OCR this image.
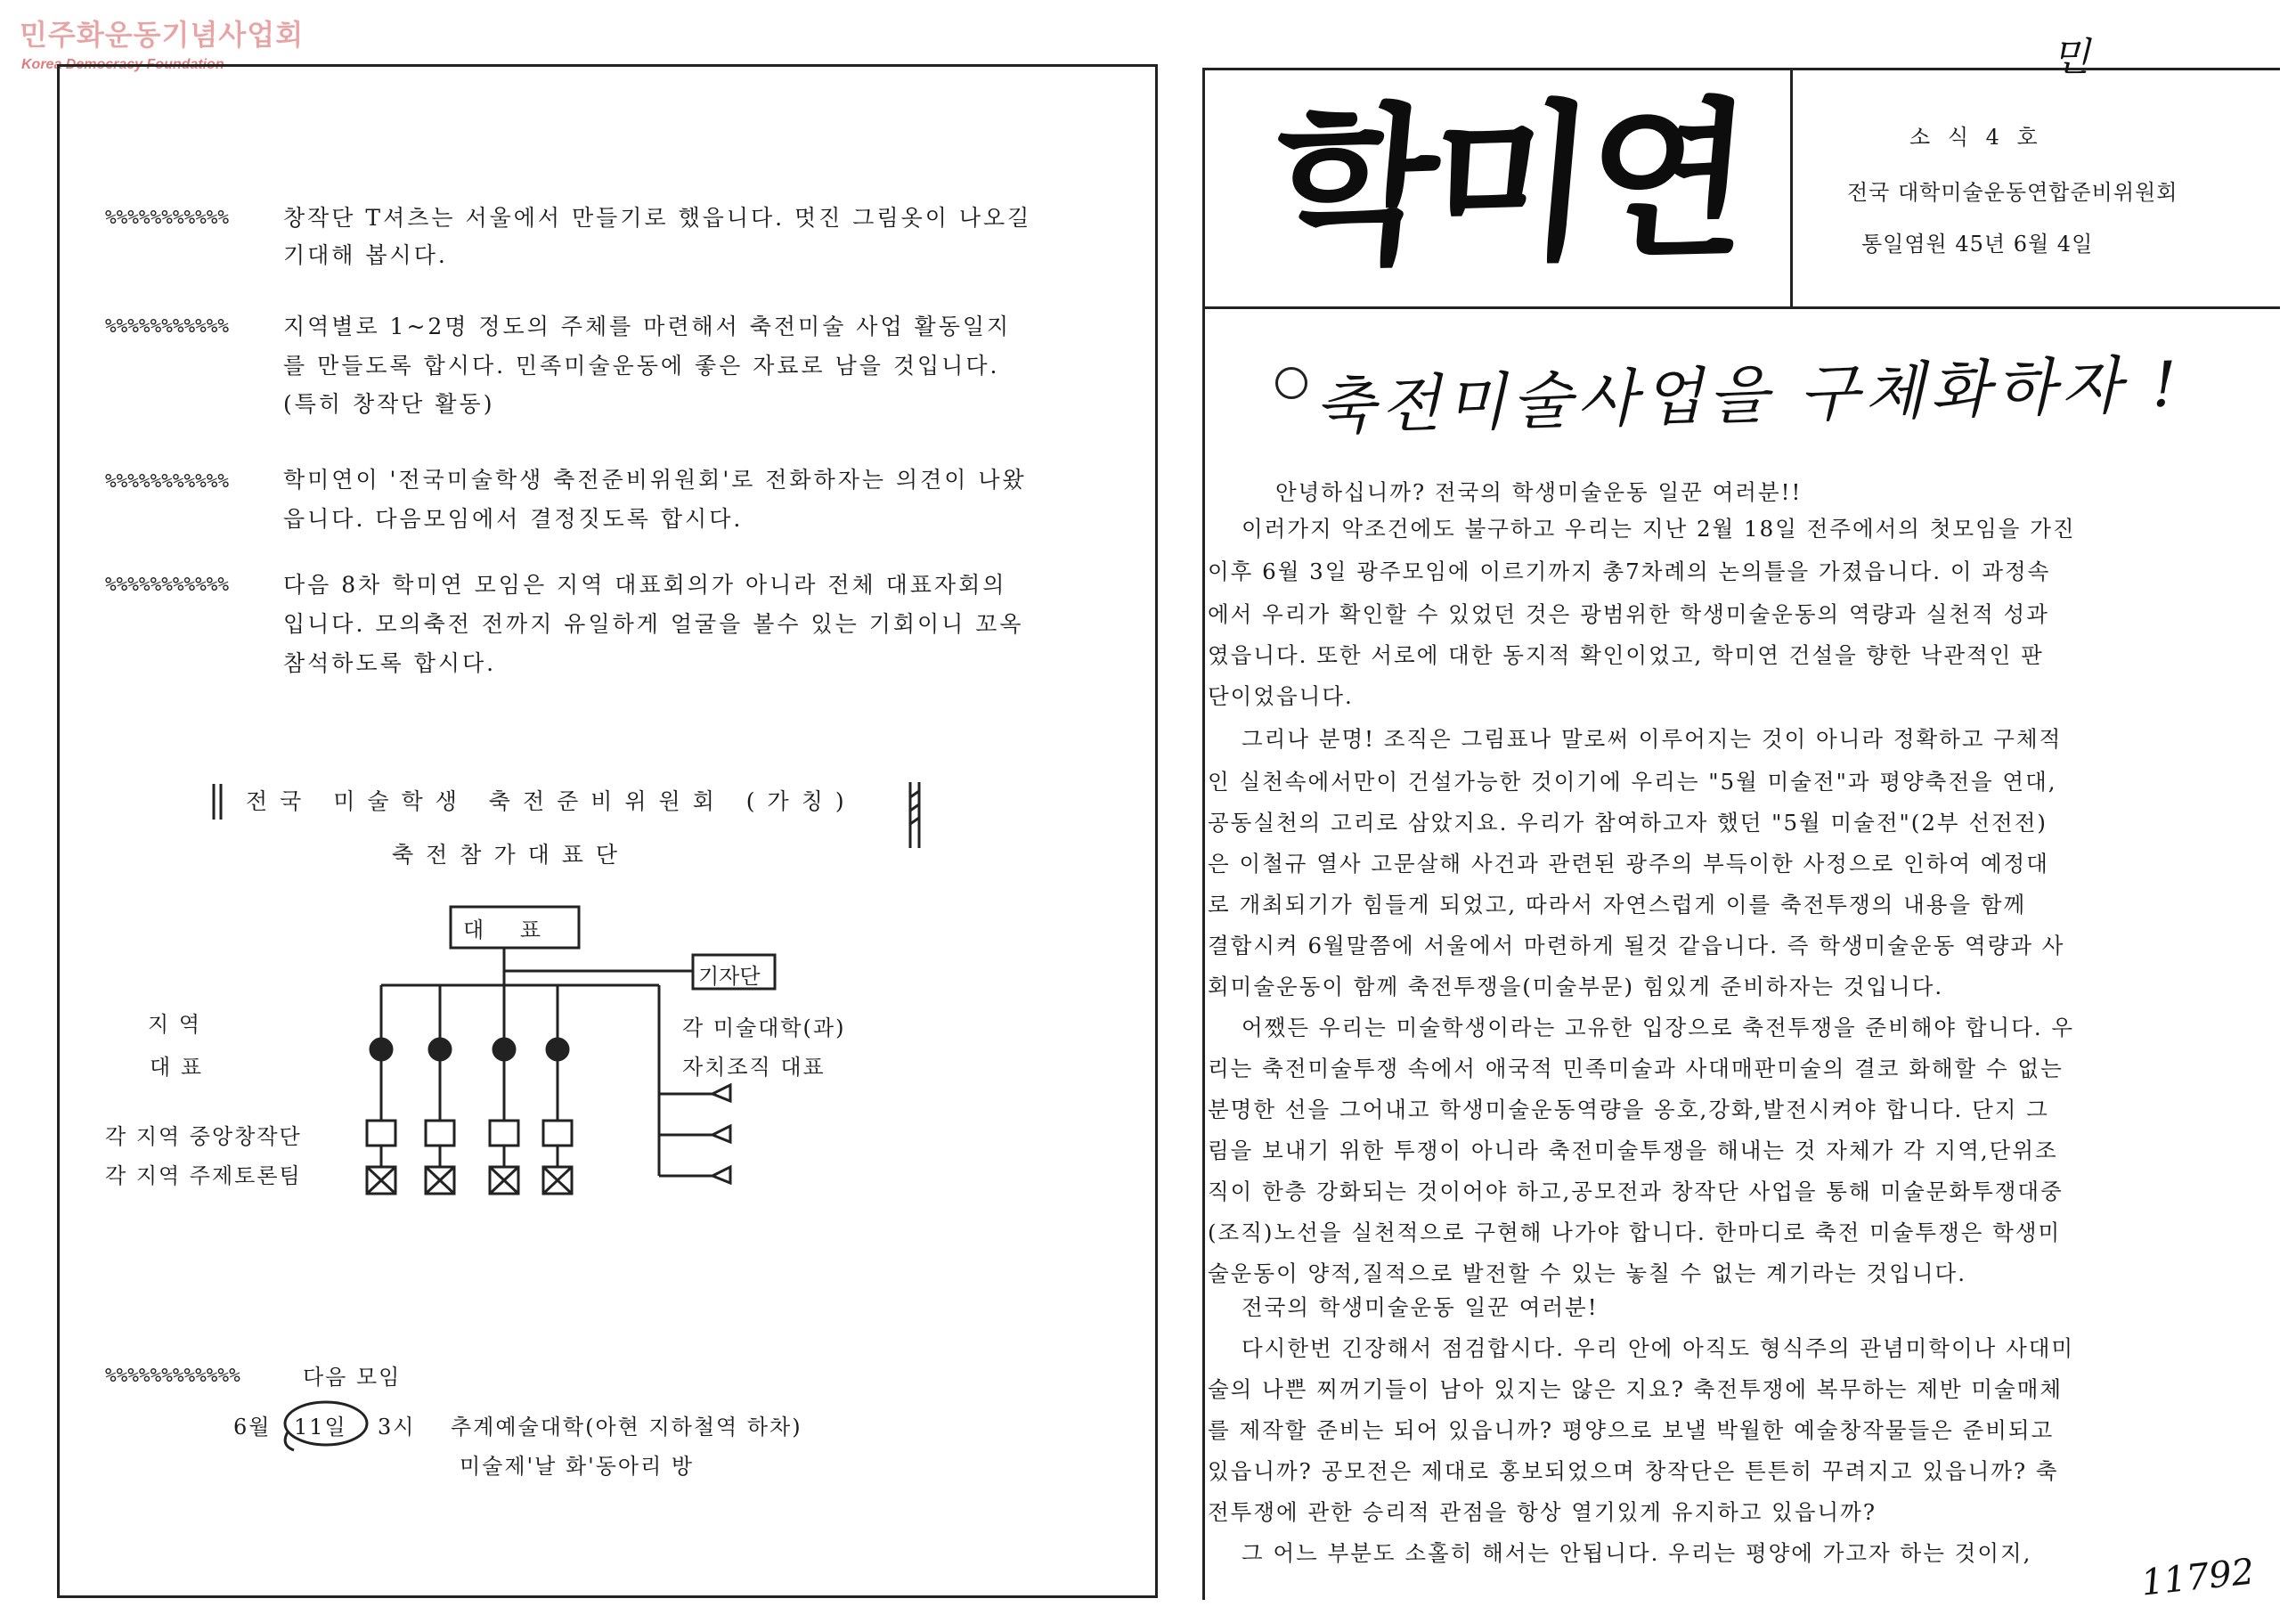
민주화운동기념사업회
Korea Democracy Foundation
%%%%%%%%%%% 창작단 T셔츠는 서울에서 만들기로 했읍니다. 멋진 그림옷이 나오길
기대해 봅시다.
%%%%%%%%%%% 지역별로 1~2명 정도의 주체를 마련해서 축전미술 사업 활동일지
를 만들도록 합시다. 민족미술운동에 좋은 자료로 남을 것입니다.
(특히 창작단 활동)
%%%%%%%%%%% 학미연이 '전국미술학생 축전준비위원회'로 전화하자는 의견이 나왔
읍니다. 다음모임에서 결정짓도록 합시다.
%%%%%%%%%%% 다음 8차 학미연 모임은 지역 대표회의가 아니라 전체 대표자회의
입니다. 모의축전 전까지 유일하게 얼굴을 볼수 있는 기회이니 꼬옥
참석하도록 합시다.
전국 미술학생 축전준비위원회 (가칭)
축전참가대표단
대    표
기자단
지 역
대 표
각 미술대학(과)
자치조직 대표
각 지역 중앙창작단
각 지역 주제토론팀
%%%%%%%%%%%%	다음 모임
6월 11일 3시 추계예술대학(아현 지하철역 하차)
미술제'날 화'동아리 방
민
학미연	소 식 4 호
전국 대학미술운동연합준비위원회
통일염원 45년 6월 4일
축전미술사업을 구체화하자 !
안녕하십니까? 전국의 학생미술운동 일꾼 여러분!!
이러가지 악조건에도 불구하고 우리는 지난 2월 18일 전주에서의 첫모임을 가진
이후 6월 3일 광주모임에 이르기까지 총7차례의 논의틀을 가졌읍니다. 이 과정속
에서 우리가 확인할 수 있었던 것은 광범위한 학생미술운동의 역량과 실천적 성과
였읍니다. 또한 서로에 대한 동지적 확인이었고, 학미연 건설을 향한 낙관적인 판
단이었읍니다.
그리나 분명! 조직은 그림표나 말로써 이루어지는 것이 아니라 정확하고 구체적
인 실천속에서만이 건설가능한 것이기에 우리는 "5월 미술전"과 평양축전을 연대,
공동실천의 고리로 삼았지요. 우리가 참여하고자 했던 "5월 미술전"(2부 선전전)
은 이철규 열사 고문살해 사건과 관련된 광주의 부득이한 사정으로 인하여 예정대
로 개최되기가 힘들게 되었고, 따라서 자연스럽게 이를 축전투쟁의 내용을 함께
결합시켜 6월말쯤에 서울에서 마련하게 될것 같읍니다. 즉 학생미술운동 역량과 사
회미술운동이 함께 축전투쟁을(미술부문) 힘있게 준비하자는 것입니다.
어쨌든 우리는 미술학생이라는 고유한 입장으로 축전투쟁을 준비해야 합니다. 우
리는 축전미술투쟁 속에서 애국적 민족미술과 사대매판미술의 결코 화해할 수 없는
분명한 선을 그어내고 학생미술운동역량을 옹호,강화,발전시켜야 합니다. 단지 그
림을 보내기 위한 투쟁이 아니라 축전미술투쟁을 해내는 것 자체가 각 지역,단위조
직이 한층 강화되는 것이어야 하고,공모전과 창작단 사업을 통해 미술문화투쟁대중
(조직)노선을 실천적으로 구현해 나가야 합니다. 한마디로 축전 미술투쟁은 학생미
술운동이 양적,질적으로 발전할 수 있는 놓칠 수 없는 계기라는 것입니다.
전국의 학생미술운동 일꾼 여러분!
다시한번 긴장해서 점검합시다. 우리 안에 아직도 형식주의 관념미학이나 사대미
술의 나쁜 찌꺼기들이 남아 있지는 않은 지요? 축전투쟁에 복무하는 제반 미술매체
를 제작할 준비는 되어 있읍니까? 평양으로 보낼 박월한 예술창작물들은 준비되고
있읍니까? 공모전은 제대로 홍보되었으며 창작단은 튼튼히 꾸려지고 있읍니까? 축
전투쟁에 관한 승리적 관점을 항상 열기있게 유지하고 있읍니까?
그 어느 부분도 소홀히 해서는 안됩니다. 우리는 평양에 가고자 하는 것이지,	11792
